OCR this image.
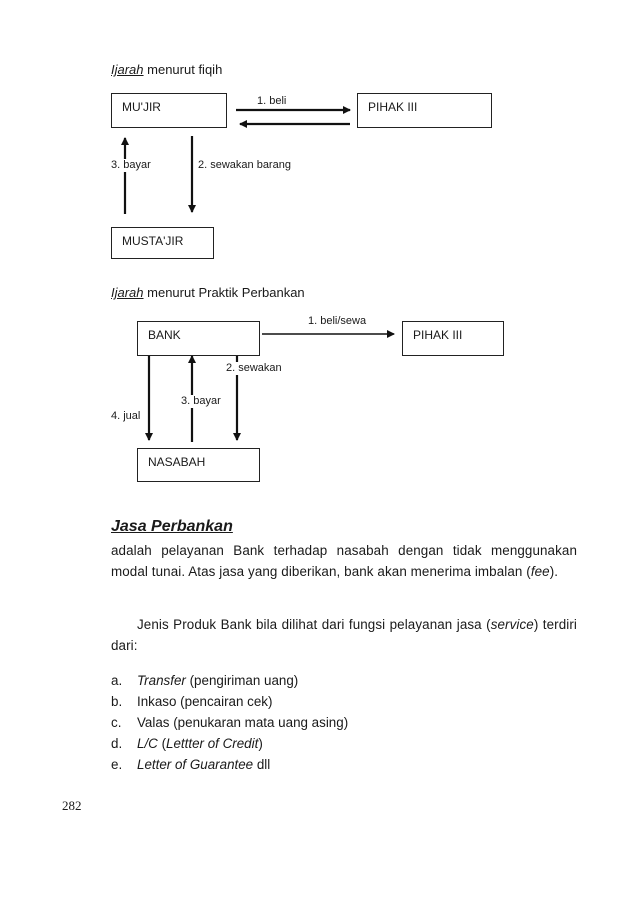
Ijarah menurut fiqih
MU'JIR	PIHAK III
MUSTA'JIR
1. beli
3. bayar	2. sewakan barang
Ijarah menurut Praktik Perbankan
BANK	PIHAK III
NASABAH
1. beli/sewa
2. sewakan
3. bayar
4. jual
Jasa Perbankan
adalah pelayanan Bank terhadap nasabah dengan tidak menggunakan modal tunai. Atas jasa yang diberikan, bank akan menerima imbalan (fee).
Jenis Produk Bank bila dilihat dari fungsi pelayanan jasa (service) terdiri dari:
a. Transfer (pengiriman uang)
b. Inkaso (pencairan cek)
c. Valas (penukaran mata uang asing)
d. L/C (Lettter of Credit)
e. Letter of Guarantee dll
282
